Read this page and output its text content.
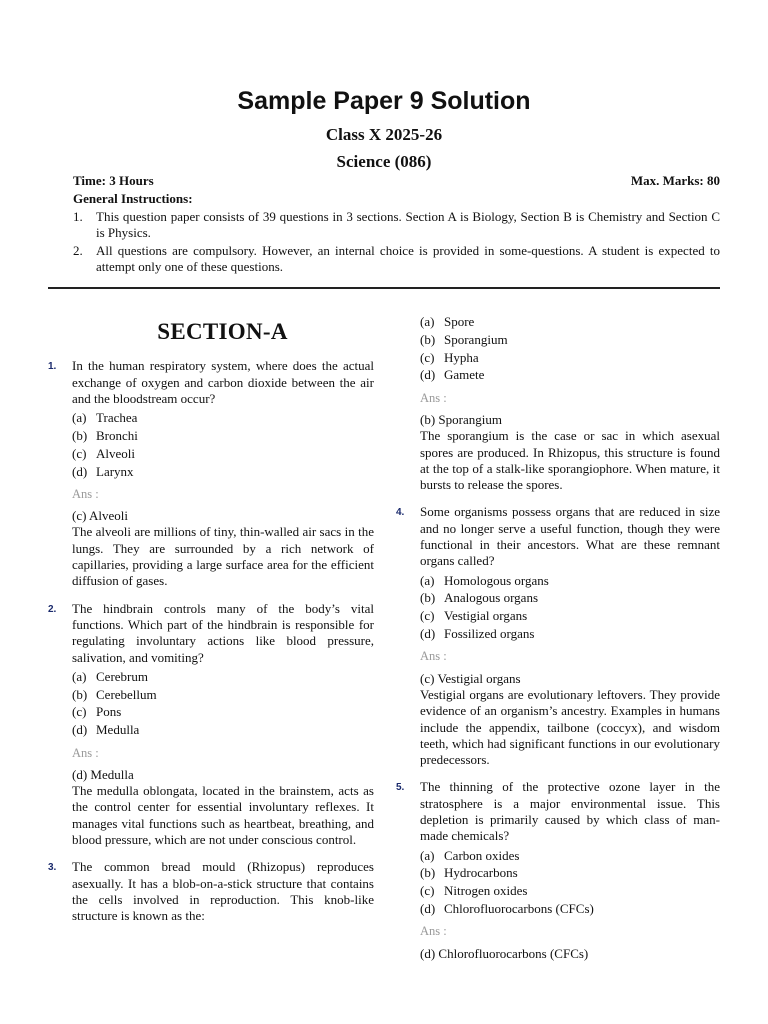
Sample Paper 9 Solution
Class X 2025-26
Science (086)
Time: 3 Hours	Max. Marks: 80
General Instructions:
1. This question paper consists of 39 questions in 3 sections. Section A is Biology, Section B is Chemistry and Section C is Physics.
2. All questions are compulsory. However, an internal choice is provided in some-questions. A student is expected to attempt only one of these questions.
SECTION-A
1. In the human respiratory system, where does the actual exchange of oxygen and carbon dioxide between the air and the bloodstream occur?
(a) Trachea
(b) Bronchi
(c) Alveoli
(d) Larynx
Ans :
(c) Alveoli
The alveoli are millions of tiny, thin-walled air sacs in the lungs. They are surrounded by a rich network of capillaries, providing a large surface area for the efficient diffusion of gases.
2. The hindbrain controls many of the body’s vital functions. Which part of the hindbrain is responsible for regulating involuntary actions like blood pressure, salivation, and vomiting?
(a) Cerebrum
(b) Cerebellum
(c) Pons
(d) Medulla
Ans :
(d) Medulla
The medulla oblongata, located in the brainstem, acts as the control center for essential involuntary reflexes. It manages vital functions such as heartbeat, breathing, and blood pressure, which are not under conscious control.
3. The common bread mould (Rhizopus) reproduces asexually. It has a blob-on-a-stick structure that contains the cells involved in reproduction. This knob-like structure is known as the:
(a) Spore
(b) Sporangium
(c) Hypha
(d) Gamete
Ans :
(b) Sporangium
The sporangium is the case or sac in which asexual spores are produced. In Rhizopus, this structure is found at the top of a stalk-like sporangiophore. When mature, it bursts to release the spores.
4. Some organisms possess organs that are reduced in size and no longer serve a useful function, though they were functional in their ancestors. What are these remnant organs called?
(a) Homologous organs
(b) Analogous organs
(c) Vestigial organs
(d) Fossilized organs
Ans :
(c) Vestigial organs
Vestigial organs are evolutionary leftovers. They provide evidence of an organism’s ancestry. Examples in humans include the appendix, tailbone (coccyx), and wisdom teeth, which had significant functions in our evolutionary predecessors.
5. The thinning of the protective ozone layer in the stratosphere is a major environmental issue. This depletion is primarily caused by which class of man-made chemicals?
(a) Carbon oxides
(b) Hydrocarbons
(c) Nitrogen oxides
(d) Chlorofluorocarbons (CFCs)
Ans :
(d) Chlorofluorocarbons (CFCs)
